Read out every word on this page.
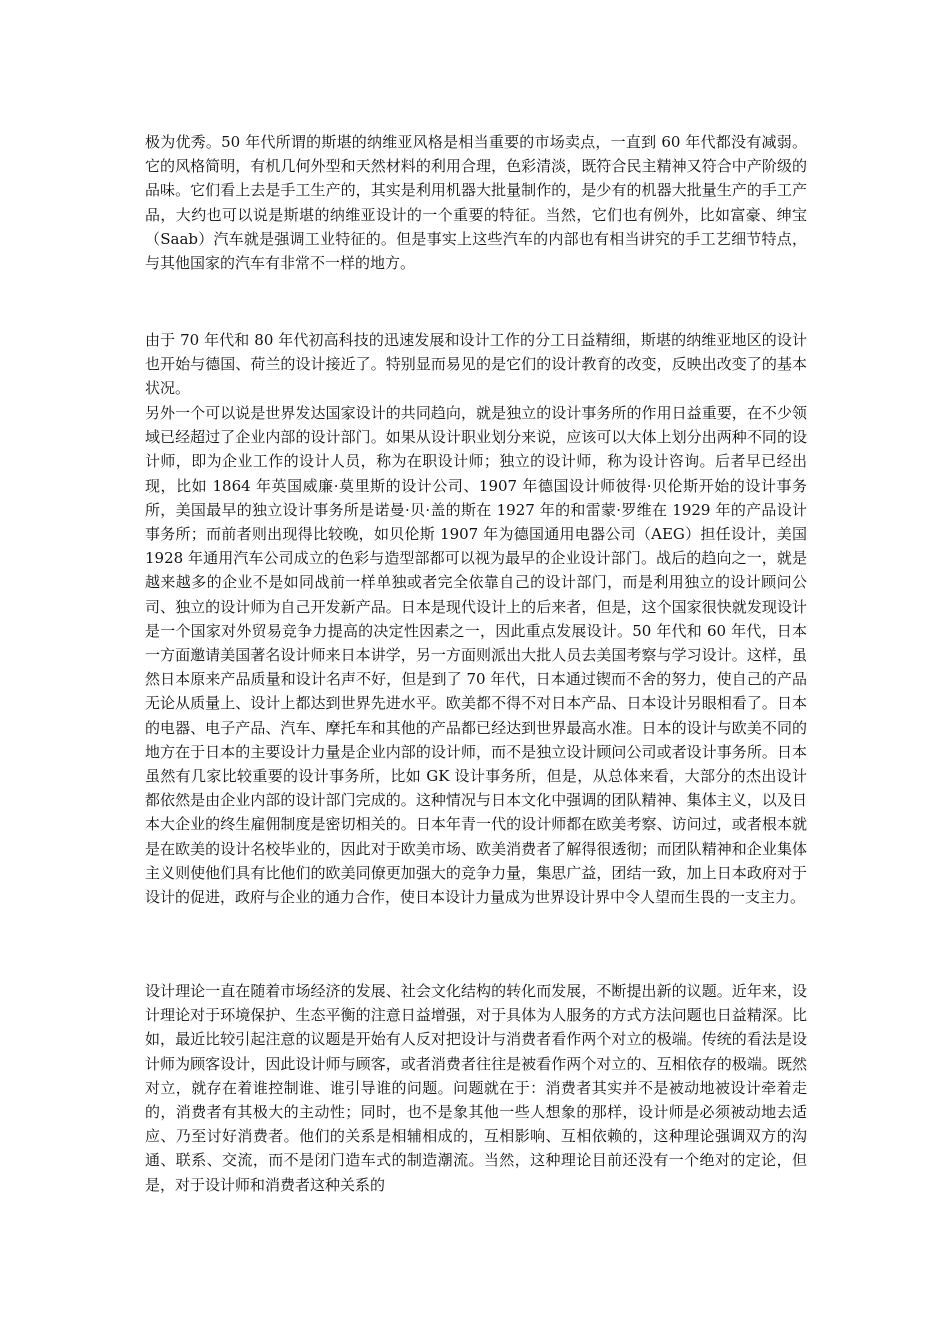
极为优秀。50 年代所谓的斯堪的纳维亚风格是相当重要的市场卖点，一直到 60 年代都没有减弱。它的风格简明，有机几何外型和天然材料的利用合理，色彩清淡，既符合民主精神又符合中产阶级的品味。它们看上去是手工生产的，其实是利用机器大批量制作的，是少有的机器大批量生产的手工产品，大约也可以说是斯堪的纳维亚设计的一个重要的特征。当然，它们也有例外，比如富豪、绅宝（Saab）汽车就是强调工业特征的。但是事实上这些汽车的内部也有相当讲究的手工艺细节特点，与其他国家的汽车有非常不一样的地方。

由于 70 年代和 80 年代初高科技的迅速发展和设计工作的分工日益精细，斯堪的纳维亚地区的设计也开始与德国、荷兰的设计接近了。特别显而易见的是它们的设计教育的改变，反映出改变了的基本状况。

另外一个可以说是世界发达国家设计的共同趋向，就是独立的设计事务所的作用日益重要，在不少领域已经超过了企业内部的设计部门。如果从设计职业划分来说，应该可以大体上划分出两种不同的设计师，即为企业工作的设计人员，称为在职设计师；独立的设计师，称为设计咨询。后者早已经出现，比如 1864 年英国威廉·莫里斯的设计公司、1907 年德国设计师彼得·贝伦斯开始的设计事务所，美国最早的独立设计事务所是诺曼·贝·盖的斯在 1927 年的和雷蒙·罗维在 1929 年的产品设计事务所；而前者则出现得比较晚，如贝伦斯 1907 年为德国通用电器公司（AEG）担任设计，美国 1928 年通用汽车公司成立的色彩与造型部都可以视为最早的企业设计部门。战后的趋向之一，就是越来越多的企业不是如同战前一样单独或者完全依靠自己的设计部门，而是利用独立的设计顾问公司、独立的设计师为自己开发新产品。日本是现代设计上的后来者，但是，这个国家很快就发现设计是一个国家对外贸易竞争力提高的决定性因素之一，因此重点发展设计。50 年代和 60 年代，日本一方面邀请美国著名设计师来日本讲学，另一方面则派出大批人员去美国考察与学习设计。这样，虽然日本原来产品质量和设计名声不好，但是到了 70 年代，日本通过锲而不舍的努力，使自己的产品无论从质量上、设计上都达到世界先进水平。欧美都不得不对日本产品、日本设计另眼相看了。日本的电器、电子产品、汽车、摩托车和其他的产品都已经达到世界最高水准。日本的设计与欧美不同的地方在于日本的主要设计力量是企业内部的设计师，而不是独立设计顾问公司或者设计事务所。日本虽然有几家比较重要的设计事务所，比如 GK 设计事务所，但是，从总体来看，大部分的杰出设计都依然是由企业内部的设计部门完成的。这种情况与日本文化中强调的团队精神、集体主义，以及日本大企业的终生雇佣制度是密切相关的。日本年青一代的设计师都在欧美考察、访问过，或者根本就是在欧美的设计名校毕业的，因此对于欧美市场、欧美消费者了解得很透彻；而团队精神和企业集体主义则使他们具有比他们的欧美同僚更加强大的竞争力量，集思广益，团结一致，加上日本政府对于设计的促进，政府与企业的通力合作，使日本设计力量成为世界设计界中令人望而生畏的一支主力。

设计理论一直在随着市场经济的发展、社会文化结构的转化而发展，不断提出新的议题。近年来，设计理论对于环境保护、生态平衡的注意日益增强，对于具体为人服务的方式方法问题也日益精深。比如，最近比较引起注意的议题是开始有人反对把设计与消费者看作两个对立的极端。传统的看法是设计师为顾客设计，因此设计师与顾客，或者消费者往往是被看作两个对立的、互相依存的极端。既然对立，就存在着谁控制谁、谁引导谁的问题。问题就在于：消费者其实并不是被动地被设计牵着走的，消费者有其极大的主动性；同时，也不是象其他一些人想象的那样，设计师是必须被动地去适应、乃至讨好消费者。他们的关系是相辅相成的，互相影响、互相依赖的，这种理论强调双方的沟通、联系、交流，而不是闭门造车式的制造潮流。当然，这种理论目前还没有一个绝对的定论，但是，对于设计师和消费者这种关系的
